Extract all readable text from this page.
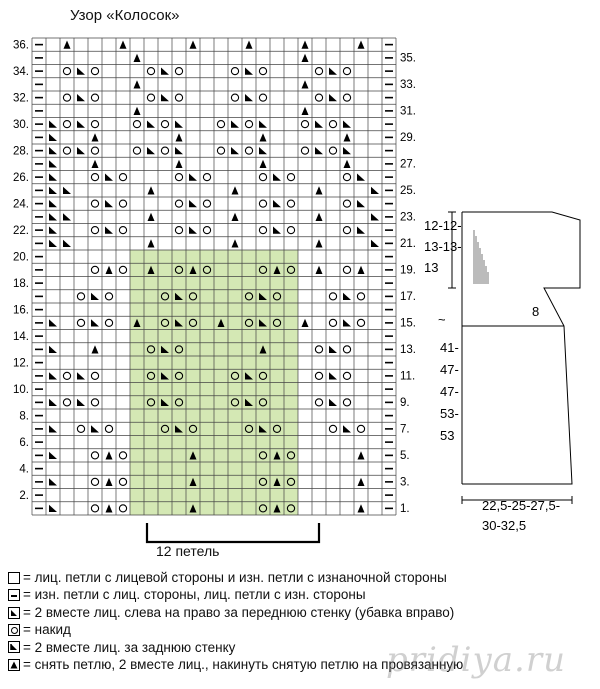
Узор «Колосок»
36.
34.
32.
30.
28.
26.
24.
22.
20.
18.
16.
14.
12.
10.
8.
6.
4.
2.
35.
33.
31.
29.
27.
25.
23.
21.
19.
17.
15.
13.
11.
9.
7.
5.
3.
1.
12-12-
13-13-
13
8
~
41-
47-
47-
53-
53
22,5-25-27,5-
30-32,5
12 петель
= лиц. петли с лицевой стороны и изн. петли с изнаночной стороны
= изн. петли с лиц. стороны, лиц. петли с изн. стороны
= 2 вместе лиц. слева на право за переднюю стенку (убавка вправо)
= накид
= 2 вместе лиц. за заднюю стенку
= снять петлю, 2 вместе лиц., накинуть снятую петлю на провязанную
pridiya.ru
